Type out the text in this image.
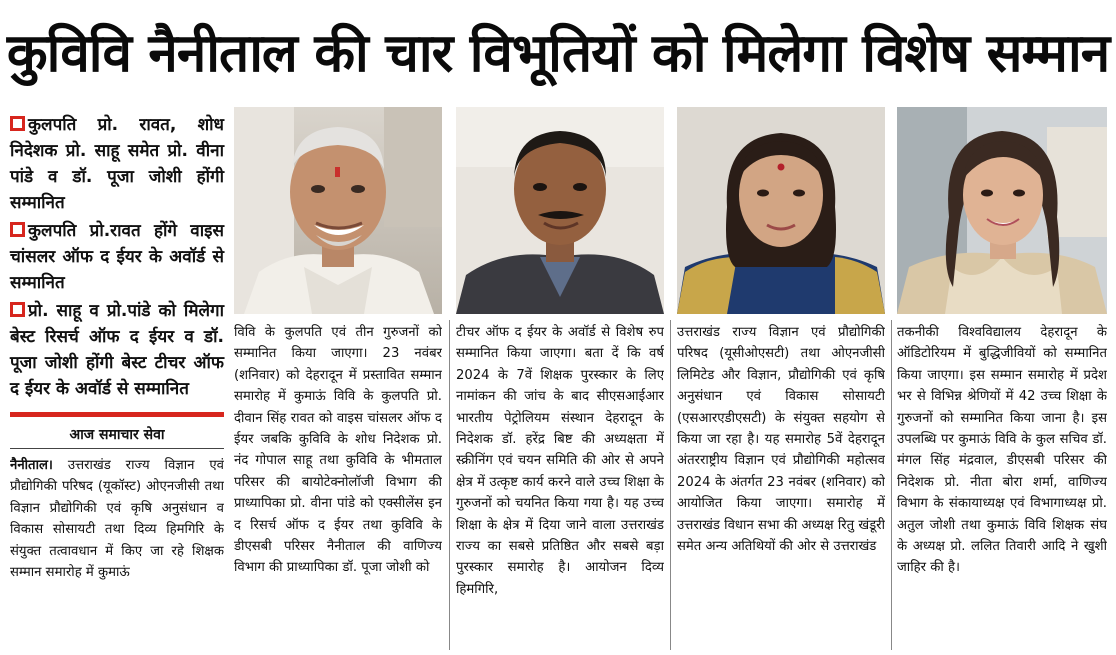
कुविवि नैनीताल की चार विभूतियों को मिलेगा विशेष सम्मान
कुलपति प्रो. रावत, शोध निदेशक प्रो. साहू समेत प्रो. वीना पांडे व डॉ. पूजा जोशी होंगी सम्मानित
कुलपति प्रो.रावत होंगे वाइस चांसलर ऑफ द ईयर के अवॉर्ड से सम्मानित
प्रो. साहू व प्रो.पांडे को मिलेगा बेस्ट रिसर्च ऑफ द ईयर व डॉ. पूजा जोशी होंगी बेस्ट टीचर ऑफ द ईयर के अवॉर्ड से सम्मानित
आज समाचार सेवा
नैनीताल। उत्तराखंड राज्य विज्ञान एवं प्रौद्योगिकी परिषद (यूकॉस्ट) ओएनजीसी तथा विज्ञान प्रौद्योगिकी एवं कृषि अनुसंधान व विकास सोसायटी तथा दिव्य हिमगिरि के संयुक्त तत्वावधान में किए जा रहे शिक्षक सम्मान समारोह में कुमाऊं
विवि के कुलपति एवं तीन गुरुजनों को सम्मानित किया जाएगा। 23 नवंबर (शनिवार) को देहरादून में प्रस्तावित सम्मान समारोह में कुमाऊं विवि के कुलपति प्रो. दीवान सिंह रावत को वाइस चांसलर ऑफ द ईयर जबकि कुविवि के शोध निदेशक प्रो. नंद गोपाल साहू तथा कुविवि के भीमताल परिसर की बायोटेक्नोलॉजी विभाग की प्राध्यापिका प्रो. वीना पांडे को एक्सीलेंस इन द रिसर्च ऑफ द ईयर तथा कुविवि के डीएसबी परिसर नैनीताल की वाणिज्य विभाग की प्राध्यापिका डॉ. पूजा जोशी को
टीचर ऑफ द ईयर के अवॉर्ड से विशेष रुप सम्मानित किया जाएगा। बता दें कि वर्ष 2024 के 7वें शिक्षक पुरस्कार के लिए नामांकन की जांच के बाद सीएसआईआर भारतीय पेट्रोलियम संस्थान देहरादून के निदेशक डॉ. हरेंद्र बिष्ट की अध्यक्षता में स्क्रीनिंग एवं चयन समिति की ओर से अपने क्षेत्र में उत्कृष्ट कार्य करने वाले उच्च शिक्षा के गुरुजनों को चयनित किया गया है। यह उच्च शिक्षा के क्षेत्र में दिया जाने वाला उत्तराखंड राज्य का सबसे प्रतिष्ठित और सबसे बड़ा पुरस्कार समारोह है। आयोजन दिव्य हिमगिरि,
उत्तराखंड राज्य विज्ञान एवं प्रौद्योगिकी परिषद (यूसीओएसटी) तथा ओएनजीसी लिमिटेड और विज्ञान, प्रौद्योगिकी एवं कृषि अनुसंधान एवं विकास सोसायटी (एसआरएडीएसटी) के संयुक्त सहयोग से किया जा रहा है। यह समारोह 5वें देहरादून अंतरराष्ट्रीय विज्ञान एवं प्रौद्योगिकी महोत्सव 2024 के अंतर्गत 23 नवंबर (शनिवार) को आयोजित किया जाएगा। समारोह में उत्तराखंड विधान सभा की अध्यक्ष रितु खंडूरी समेत अन्य अतिथियों की ओर से उत्तराखंड
तकनीकी विश्वविद्यालय देहरादून के ऑडिटोरियम में बुद्धिजीवियों को सम्मानित किया जाएगा। इस सम्मान समारोह में प्रदेश भर से विभिन्न श्रेणियों में 42 उच्च शिक्षा के गुरुजनों को सम्मानित किया जाना है। इस उपलब्धि पर कुमाऊं विवि के कुल सचिव डॉ. मंगल सिंह मंद्रवाल, डीएसबी परिसर की निदेशक प्रो. नीता बोरा शर्मा, वाणिज्य विभाग के संकायाध्यक्ष एवं विभागाध्यक्ष प्रो. अतुल जोशी तथा कुमाऊं विवि शिक्षक संघ के अध्यक्ष प्रो. ललित तिवारी आदि ने खुशी जाहिर की है।
